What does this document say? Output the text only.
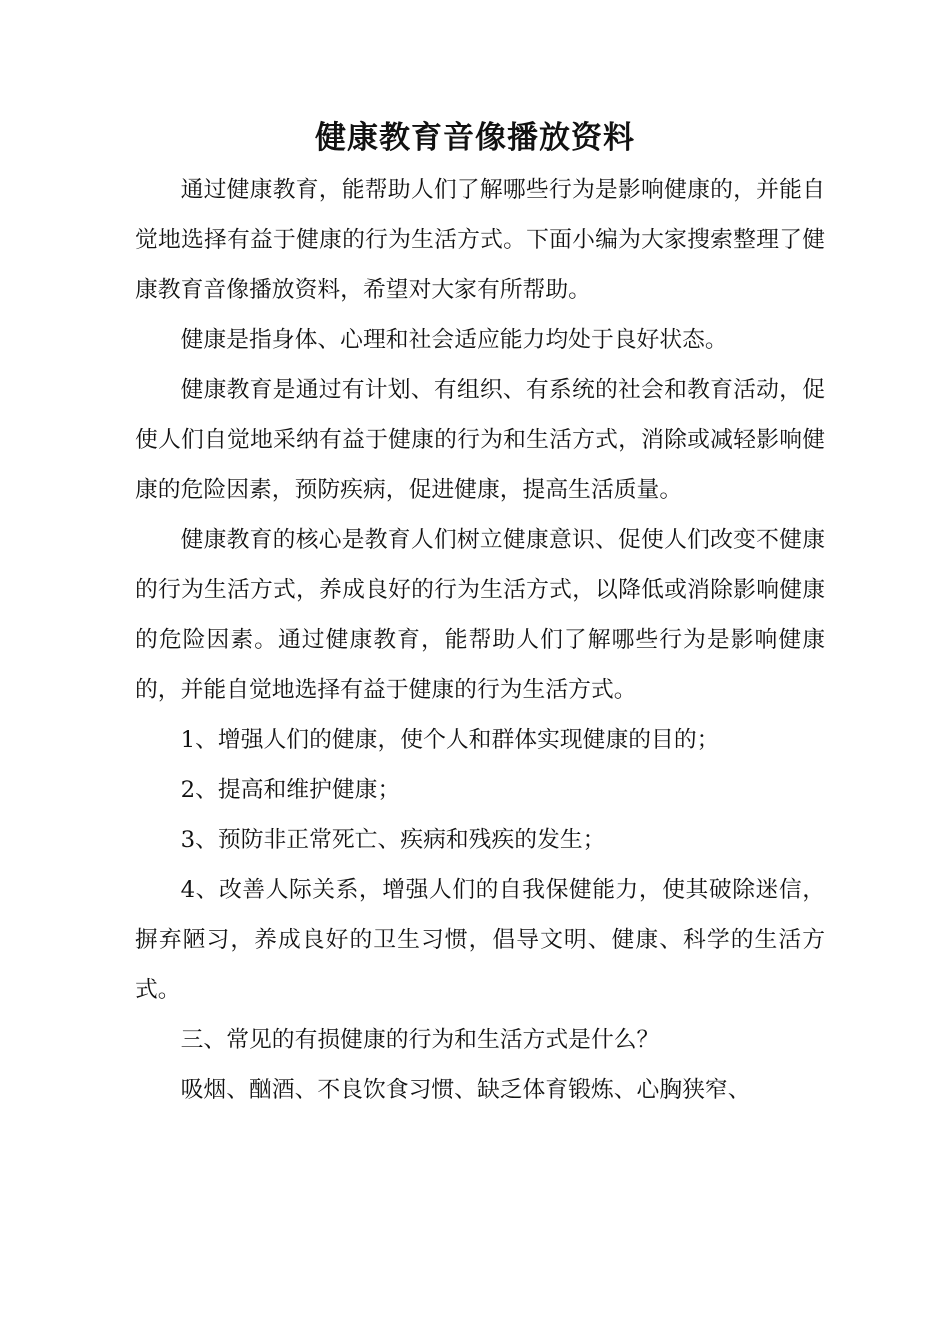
健康教育音像播放资料

通过健康教育，能帮助人们了解哪些行为是影响健康的，并能自觉地选择有益于健康的行为生活方式。下面小编为大家搜索整理了健康教育音像播放资料，希望对大家有所帮助。

健康是指身体、心理和社会适应能力均处于良好状态。

健康教育是通过有计划、有组织、有系统的社会和教育活动，促使人们自觉地采纳有益于健康的行为和生活方式，消除或减轻影响健康的危险因素，预防疾病，促进健康，提高生活质量。

健康教育的核心是教育人们树立健康意识、促使人们改变不健康的行为生活方式，养成良好的行为生活方式，以降低或消除影响健康的危险因素。通过健康教育，能帮助人们了解哪些行为是影响健康的，并能自觉地选择有益于健康的行为生活方式。

1、增强人们的健康，使个人和群体实现健康的目的；

2、提高和维护健康；

3、预防非正常死亡、疾病和残疾的发生；

4、改善人际关系，增强人们的自我保健能力，使其破除迷信，摒弃陋习，养成良好的卫生习惯，倡导文明、健康、科学的生活方式。

三、常见的有损健康的行为和生活方式是什么？

吸烟、酗酒、不良饮食习惯、缺乏体育锻炼、心胸狭窄、
